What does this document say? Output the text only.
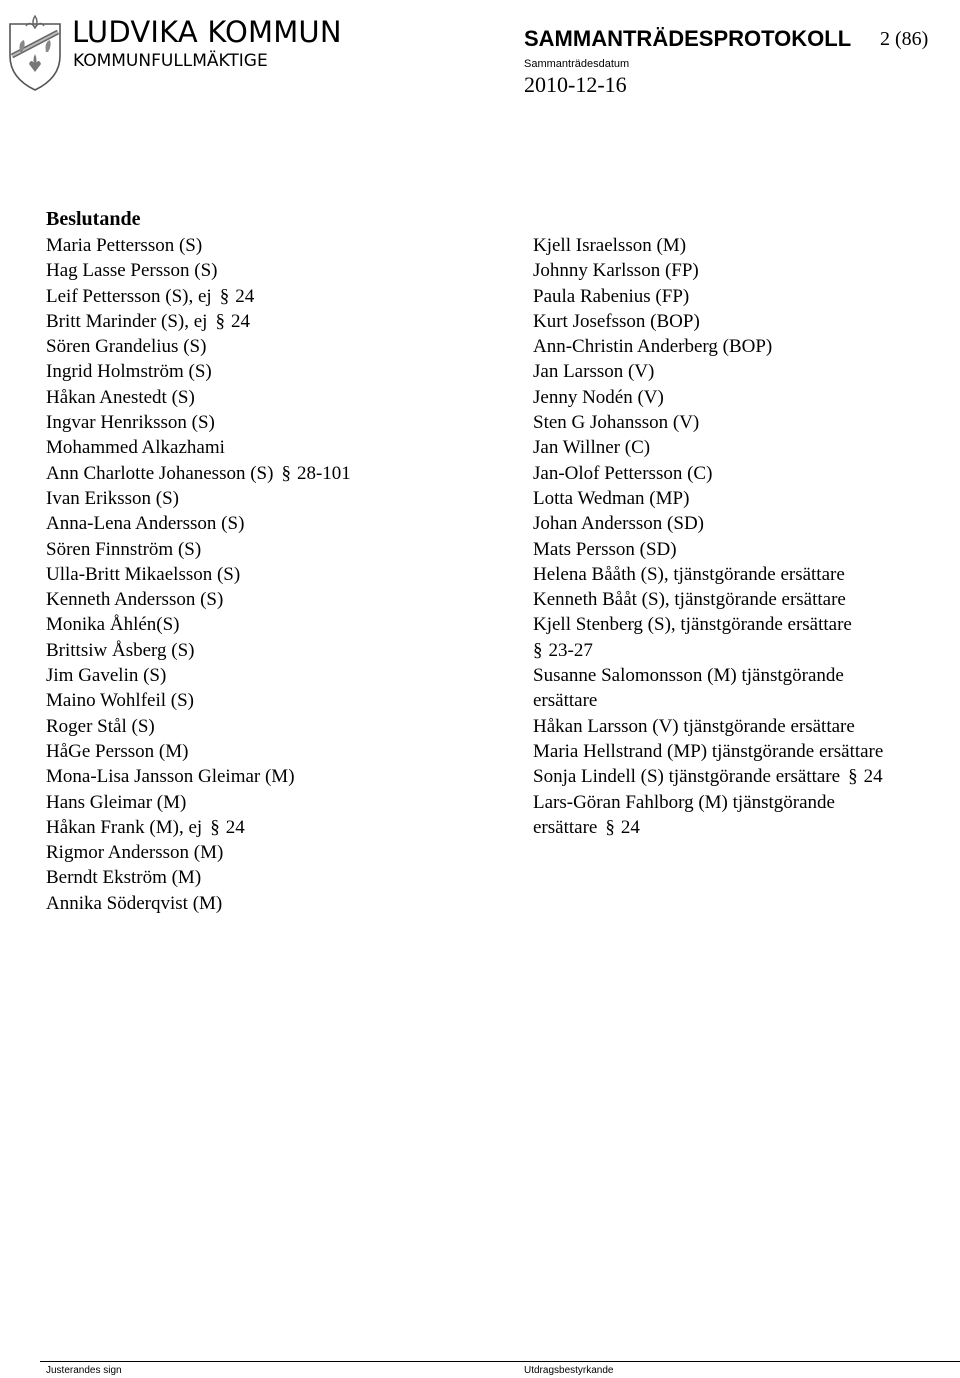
LUDVIKA KOMMUN
KOMMUNFULLMÄKTIGE
SAMMANTRÄDESPROTOKOLL 2 (86)
Sammanträdesdatum
2010-12-16
Beslutande
Maria Pettersson (S)
Hag Lasse Persson (S)
Leif Pettersson (S), ej § 24
Britt Marinder (S), ej § 24
Sören Grandelius (S)
Ingrid Holmström (S)
Håkan Anestedt (S)
Ingvar Henriksson (S)
Mohammed Alkazhami
Ann Charlotte Johanesson (S) § 28-101
Ivan Eriksson (S)
Anna-Lena Andersson (S)
Sören Finnström (S)
Ulla-Britt Mikaelsson (S)
Kenneth Andersson (S)
Monika Åhlén(S)
Brittsiw Åsberg (S)
Jim Gavelin (S)
Maino Wohlfeil (S)
Roger Stål (S)
HåGe Persson (M)
Mona-Lisa Jansson Gleimar (M)
Hans Gleimar (M)
Håkan Frank (M), ej § 24
Rigmor Andersson (M)
Berndt Ekström (M)
Annika Söderqvist (M)
Kjell Israelsson (M)
Johnny Karlsson (FP)
Paula Rabenius (FP)
Kurt Josefsson (BOP)
Ann-Christin Anderberg (BOP)
Jan Larsson (V)
Jenny Nodén (V)
Sten G Johansson (V)
Jan Willner (C)
Jan-Olof Pettersson (C)
Lotta Wedman (MP)
Johan Andersson (SD)
Mats Persson (SD)
Helena Bååth (S), tjänstgörande ersättare
Kenneth Bååt (S), tjänstgörande ersättare
Kjell Stenberg (S), tjänstgörande ersättare
§ 23-27
Susanne Salomonsson (M) tjänstgörande
ersättare
Håkan Larsson (V) tjänstgörande ersättare
Maria Hellstrand (MP) tjänstgörande ersättare
Sonja Lindell (S) tjänstgörande ersättare § 24
Lars-Göran Fahlborg (M) tjänstgörande
ersättare § 24
Justerandes sign	Utdragsbestyrkande
